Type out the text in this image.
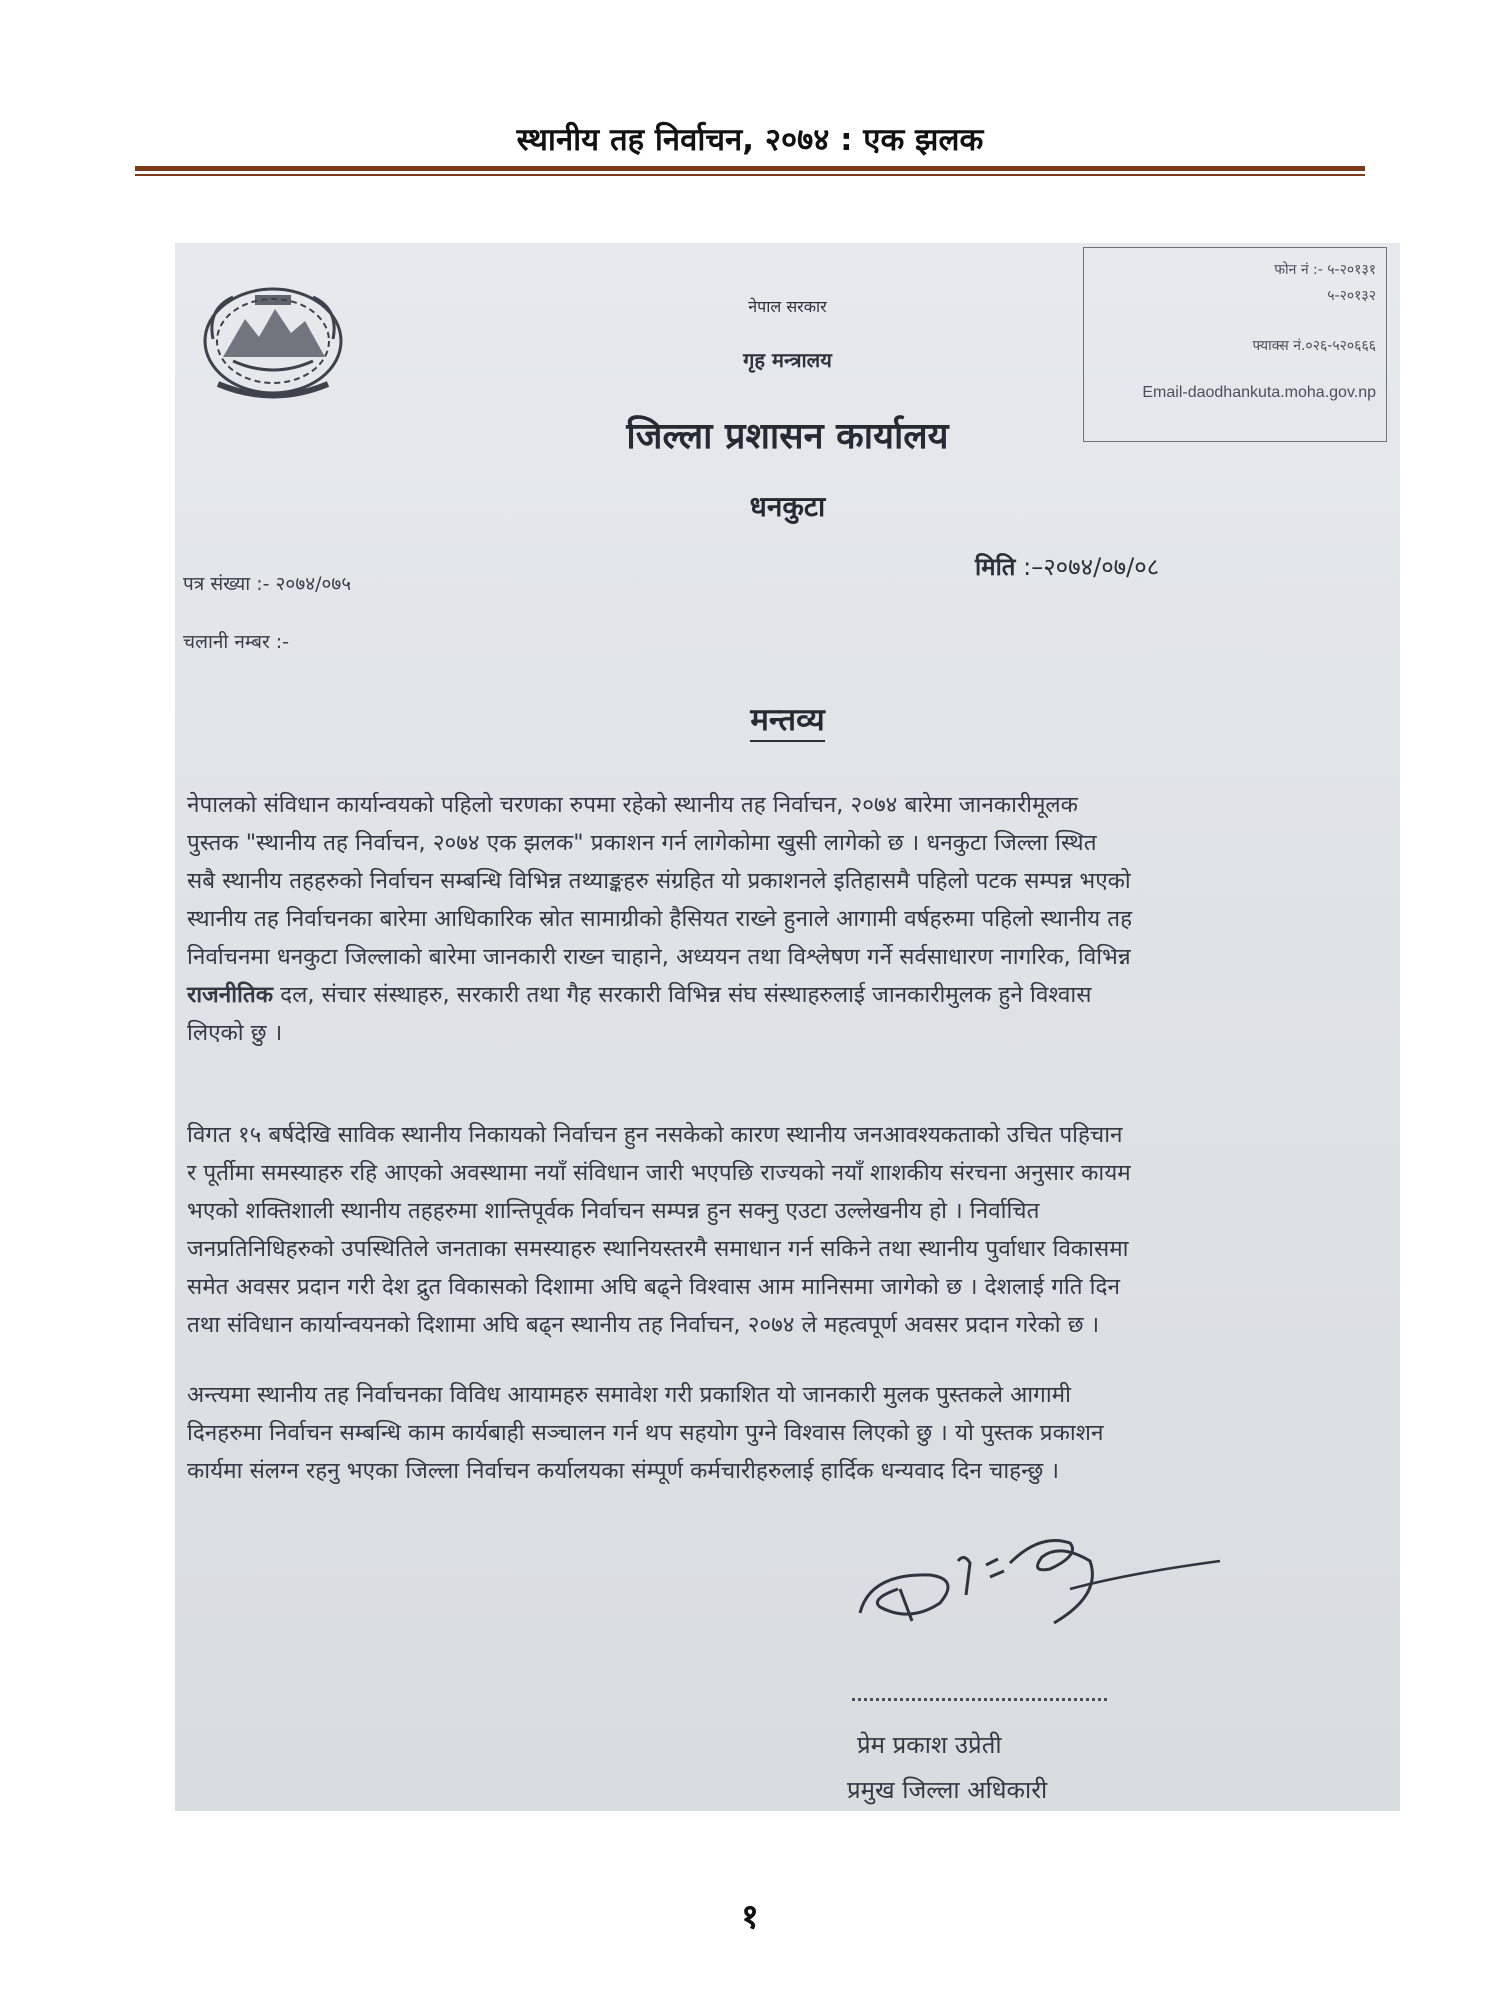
स्थानीय तह निर्वाचन, २०७४ : एक झलक
नेपाल सरकार
गृह मन्त्रालय
जिल्ला प्रशासन कार्यालय
धनकुटा
फोन नं :- ५-२०१३१
५-२०१३२
फ्याक्स नं.०२६-५२०६६६
Email-daodhankuta.moha.gov.np
पत्र संख्या :- २०७४/०७५
चलानी नम्बर :-
मिति :–२०७४/०७/०८
मन्तव्य
नेपालको संविधान कार्यान्वयको पहिलो चरणका रुपमा रहेको स्थानीय तह निर्वाचन, २०७४ बारेमा जानकारीमूलक
पुस्तक "स्थानीय तह निर्वाचन, २०७४ एक झलक" प्रकाशन गर्न लागेकोमा खुसी लागेको छ । धनकुटा जिल्ला स्थित
सबै स्थानीय तहहरुको निर्वाचन सम्बन्धि विभिन्न तथ्याङ्कहरु संग्रहित यो प्रकाशनले इतिहासमै पहिलो पटक सम्पन्न भएको
स्थानीय तह निर्वाचनका बारेमा आधिकारिक स्रोत सामाग्रीको हैसियत राख्ने हुनाले आगामी वर्षहरुमा पहिलो स्थानीय तह
निर्वाचनमा धनकुटा जिल्लाको बारेमा जानकारी राख्न चाहाने, अध्ययन तथा विश्लेषण गर्ने सर्वसाधारण नागरिक, विभिन्न
राजनीतिक दल, संचार संस्थाहरु, सरकारी तथा गैह सरकारी विभिन्न संघ संस्थाहरुलाई जानकारीमुलक हुने विश्वास
लिएको छु ।
विगत १५ बर्षदेखि साविक स्थानीय निकायको निर्वाचन हुन नसकेको कारण स्थानीय जनआवश्यकताको उचित पहिचान
र पूर्तीमा समस्याहरु रहि आएको अवस्थामा नयाँ संविधान जारी भएपछि राज्यको नयाँ शाशकीय संरचना अनुसार कायम
भएको शक्तिशाली स्थानीय तहहरुमा शान्तिपूर्वक निर्वाचन सम्पन्न हुन सक्नु एउटा उल्लेखनीय हो । निर्वाचित
जनप्रतिनिधिहरुको उपस्थितिले जनताका समस्याहरु स्थानियस्तरमै समाधान गर्न सकिने तथा स्थानीय पुर्वाधार विकासमा
समेत अवसर प्रदान गरी देश द्रुत विकासको दिशामा अघि बढ्ने विश्वास आम मानिसमा जागेको छ । देशलाई गति दिन
तथा संविधान कार्यान्वयनको दिशामा अघि बढ्न स्थानीय तह निर्वाचन, २०७४ ले महत्वपूर्ण अवसर प्रदान गरेको छ ।
अन्त्यमा स्थानीय तह निर्वाचनका विविध आयामहरु समावेश गरी प्रकाशित यो जानकारी मुलक पुस्तकले आगामी
दिनहरुमा निर्वाचन सम्बन्धि काम कार्यबाही सञ्चालन गर्न थप सहयोग पुग्ने विश्वास लिएको छु । यो पुस्तक प्रकाशन
कार्यमा संलग्न रहनु भएका जिल्ला निर्वाचन कर्यालयका संम्पूर्ण कर्मचारीहरुलाई हार्दिक धन्यवाद दिन चाहन्छु ।
प्रेम प्रकाश उप्रेती
प्रमुख जिल्ला अधिकारी
१
